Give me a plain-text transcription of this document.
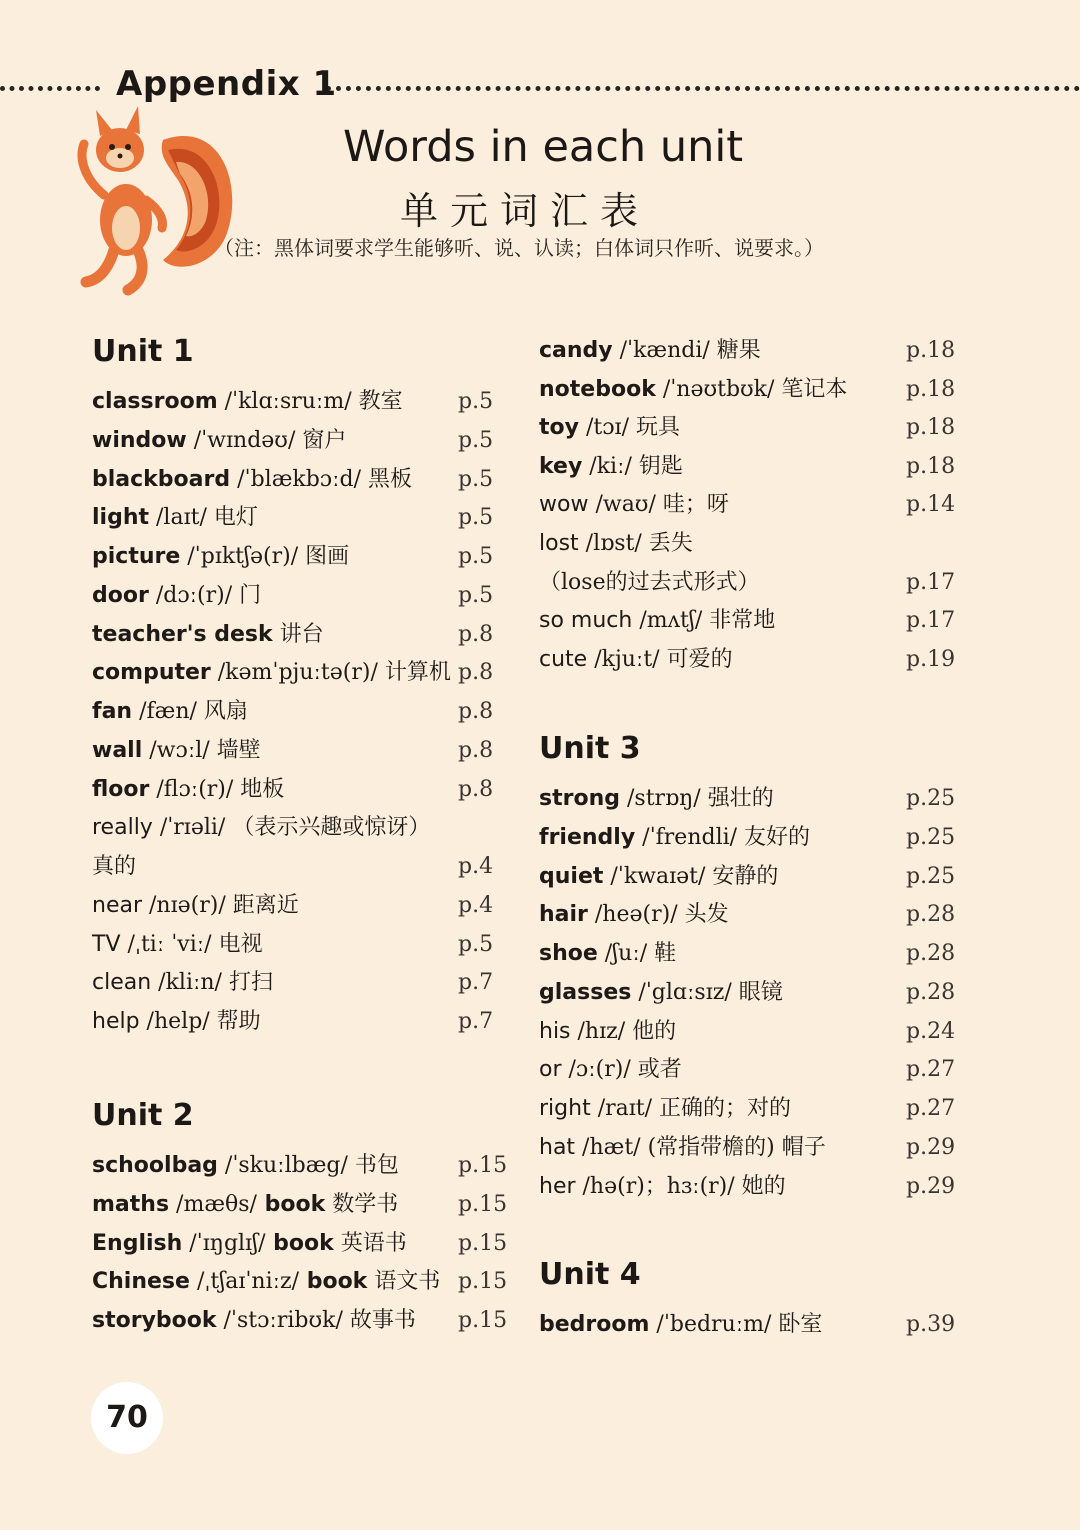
Appendix 1
Words in each unit
单元词汇表
（注：黑体词要求学生能够听、说、认读；白体词只作听、说要求。）
Unit 1
classroom /ˈklɑːsruːm/ 教室	p.5
window /ˈwɪndəʊ/ 窗户	p.5
blackboard /ˈblækbɔːd/ 黑板 p.5
light /laɪt/ 电灯	p.5
picture /ˈpɪktʃə(r)/ 图画	p.5
door /dɔː(r)/ 门	p.5
teacher's desk 讲台	p.8
computer /kəmˈpjuːtə(r)/ 计算机 p.8
fan /fæn/ 风扇	p.8
wall /wɔːl/ 墙壁	p.8
floor /flɔː(r)/ 地板	p.8
really /ˈrɪəli/ （表示兴趣或惊讶）
真的	p.4
near /nɪə(r)/ 距离近	p.4
TV /ˌtiː ˈviː/ 电视	p.5
clean /kliːn/ 打扫	p.7
help /help/ 帮助	p.7
Unit 2
schoolbag /ˈskuːlbæg/ 书包	p.15
maths /mæθs/ book 数学书	p.15
English /ˈɪŋglɪʃ/ book 英语书 p.15
Chinese /ˌtʃaɪˈniːz/ book 语文书 p.15
storybook /ˈstɔːribʊk/ 故事书 p.15
candy /ˈkændi/ 糖果	p.18
notebook /ˈnəʊtbʊk/ 笔记本	p.18
toy /tɔɪ/ 玩具	p.18
key /kiː/ 钥匙	p.18
wow /waʊ/ 哇；呀	p.14
lost /lɒst/ 丢失
（lose的过去式形式）	p.17
so much /mʌtʃ/ 非常地	p.17
cute /kjuːt/ 可爱的	p.19
Unit 3
strong /strɒŋ/ 强壮的	p.25
friendly /ˈfrendli/ 友好的	p.25
quiet /ˈkwaɪət/ 安静的	p.25
hair /heə(r)/ 头发	p.28
shoe /ʃuː/ 鞋	p.28
glasses /ˈglɑːsɪz/ 眼镜	p.28
his /hɪz/ 他的	p.24
or /ɔː(r)/ 或者	p.27
right /raɪt/ 正确的；对的	p.27
hat /hæt/ (常指带檐的) 帽子	p.29
her /hə(r)；hɜː(r)/ 她的	p.29
Unit 4
bedroom /ˈbedruːm/ 卧室	p.39
70
